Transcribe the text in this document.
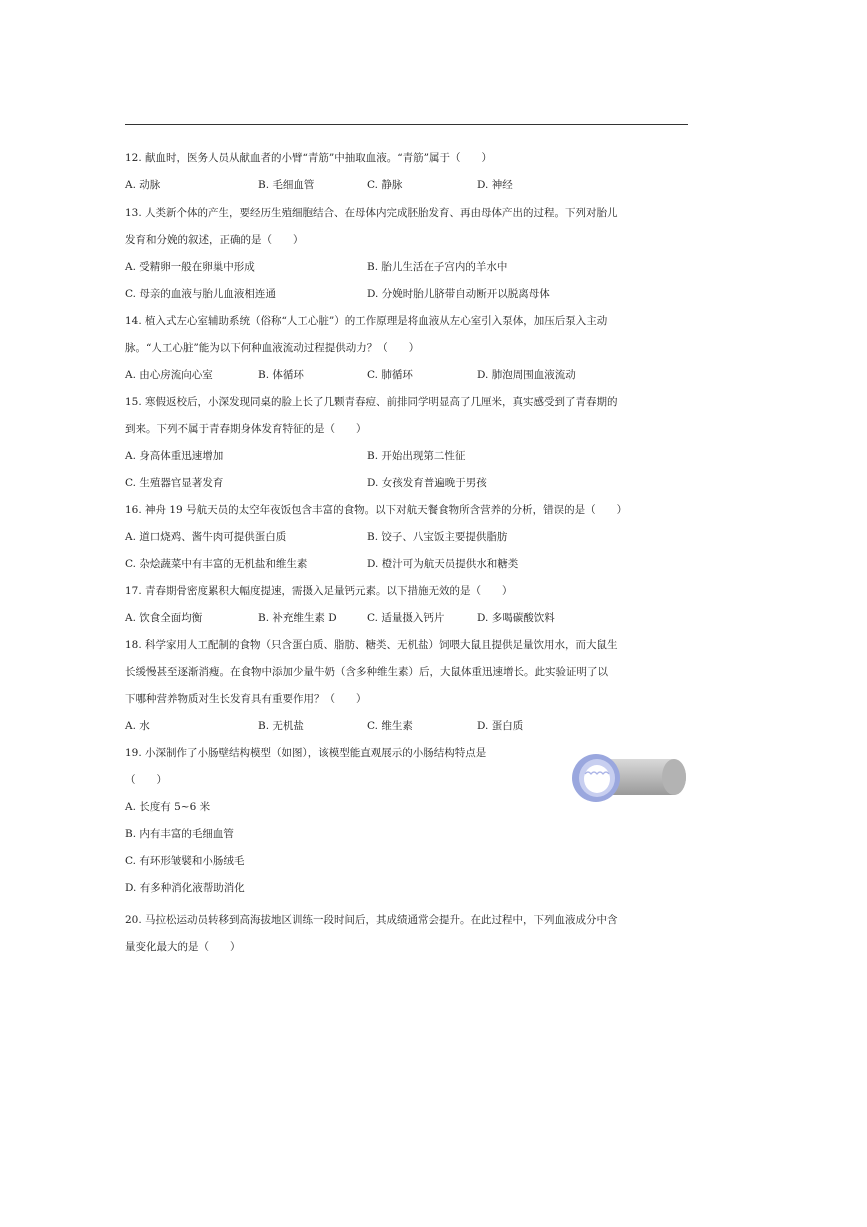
12. 献血时，医务人员从献血者的小臂“青筋”中抽取血液。“青筋”属于（　　）
A. 动脉	B. 毛细血管	C. 静脉	D. 神经
13. 人类新个体的产生，要经历生殖细胞结合、在母体内完成胚胎发育、再由母体产出的过程。下列对胎儿
发育和分娩的叙述，正确的是（　　）
A. 受精卵一般在卵巢中形成	B. 胎儿生活在子宫内的羊水中
C. 母亲的血液与胎儿血液相连通	D. 分娩时胎儿脐带自动断开以脱离母体
14. 植入式左心室辅助系统（俗称“人工心脏”）的工作原理是将血液从左心室引入泵体，加压后泵入主动
脉。“人工心脏”能为以下何种血液流动过程提供动力？（　　）
A. 由心房流向心室	B. 体循环	C. 肺循环	D. 肺泡周围血液流动
15. 寒假返校后，小深发现同桌的脸上长了几颗青春痘、前排同学明显高了几厘米，真实感受到了青春期的
到来。下列不属于青春期身体发育特征的是（　　）
A. 身高体重迅速增加	B. 开始出现第二性征
C. 生殖器官显著发育	D. 女孩发育普遍晚于男孩
16. 神舟 19 号航天员的太空年夜饭包含丰富的食物。以下对航天餐食物所含营养的分析，错误的是（　　）
A. 道口烧鸡、酱牛肉可提供蛋白质	B. 饺子、八宝饭主要提供脂肪
C. 杂烩蔬菜中有丰富的无机盐和维生素	D. 橙汁可为航天员提供水和糖类
17. 青春期骨密度累积大幅度提速，需摄入足量钙元素。以下措施无效的是（　　）
A. 饮食全面均衡	B. 补充维生素 D	C. 适量摄入钙片	D. 多喝碳酸饮料
18. 科学家用人工配制的食物（只含蛋白质、脂肪、糖类、无机盐）饲喂大鼠且提供足量饮用水，而大鼠生
长缓慢甚至逐渐消瘦。在食物中添加少量牛奶（含多种维生素）后，大鼠体重迅速增长。此实验证明了以
下哪种营养物质对生长发育具有重要作用？（　　）
A. 水	B. 无机盐	C. 维生素	D. 蛋白质
19. 小深制作了小肠壁结构模型（如图），该模型能直观展示的小肠结构特点是
（　　）
A. 长度有 5~6 米
B. 内有丰富的毛细血管
C. 有环形皱襞和小肠绒毛
D. 有多种消化液帮助消化
20. 马拉松运动员转移到高海拔地区训练一段时间后，其成绩通常会提升。在此过程中，下列血液成分中含
量变化最大的是（　　）
